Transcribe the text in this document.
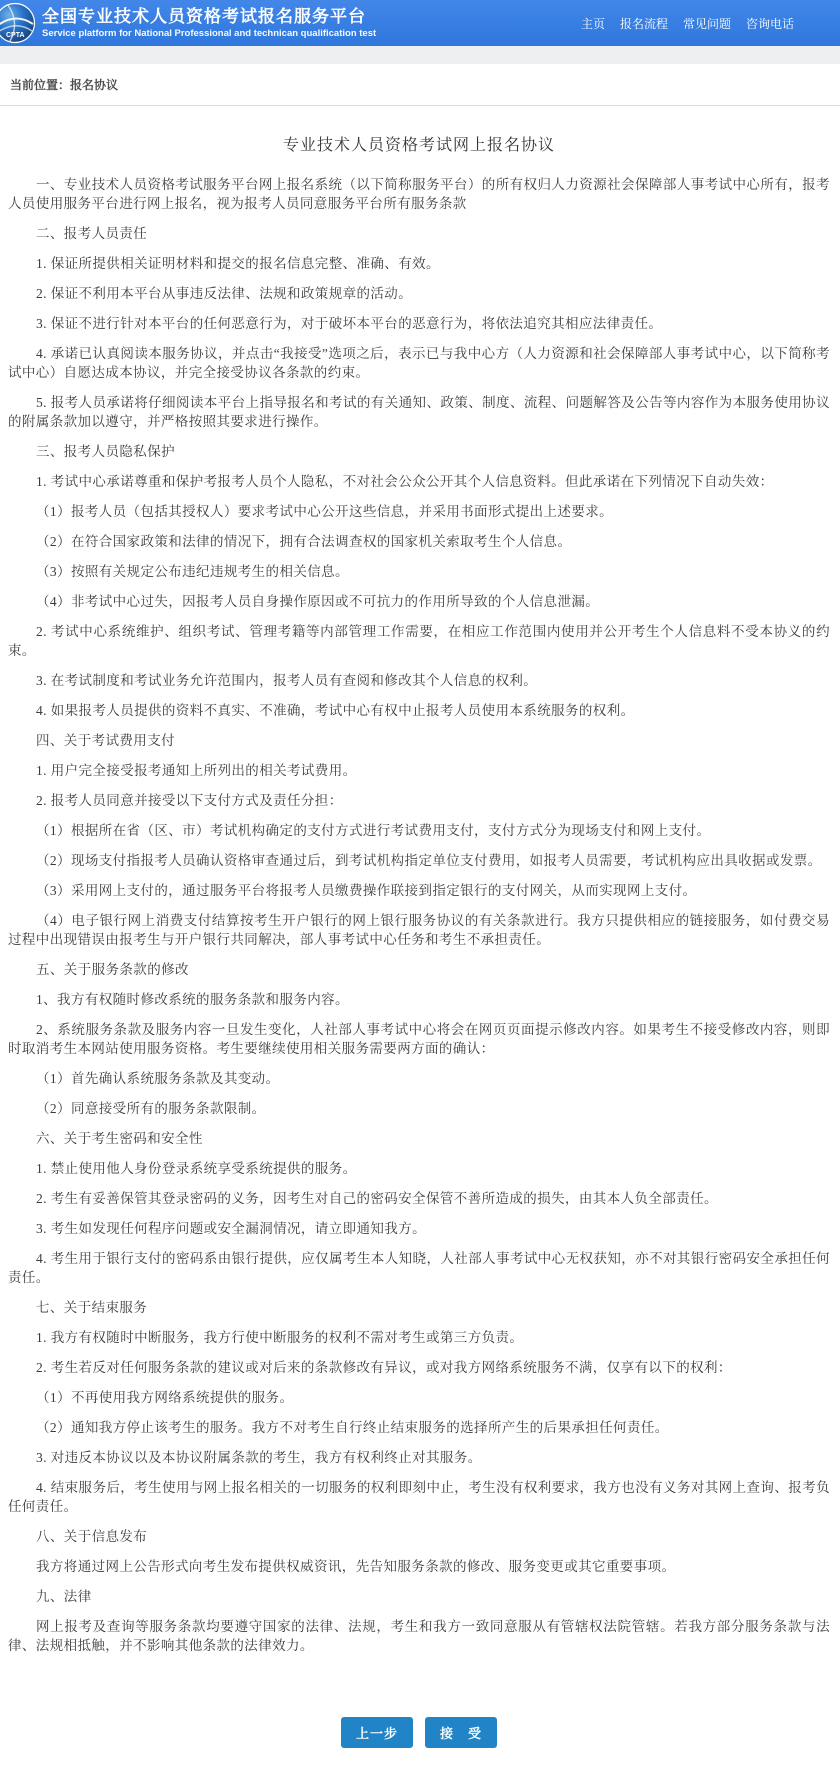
CPTA
全国专业技术人员资格考试报名服务平台
Service platform for National Professional and technican qualification test
主页 报名流程 常见问题 咨询电话
当前位置：报名协议
专业技术人员资格考试网上报名协议

一、专业技术人员资格考试服务平台网上报名系统（以下简称服务平台）的所有权归人力资源社会保障部人事考试中心所有，报考人员使用服务平台进行网上报名，视为报考人员同意服务平台所有服务条款

二、报考人员责任

1. 保证所提供相关证明材料和提交的报名信息完整、准确、有效。

2. 保证不利用本平台从事违反法律、法规和政策规章的活动。

3. 保证不进行针对本平台的任何恶意行为，对于破坏本平台的恶意行为，将依法追究其相应法律责任。

4. 承诺已认真阅读本服务协议，并点击“我接受”选项之后，表示已与我中心方（人力资源和社会保障部人事考试中心，以下简称考试中心）自愿达成本协议，并完全接受协议各条款的约束。

5. 报考人员承诺将仔细阅读本平台上指导报名和考试的有关通知、政策、制度、流程、问题解答及公告等内容作为本服务使用协议的附属条款加以遵守，并严格按照其要求进行操作。

三、报考人员隐私保护

1. 考试中心承诺尊重和保护考报考人员个人隐私，不对社会公众公开其个人信息资料。但此承诺在下列情况下自动失效：

（1）报考人员（包括其授权人）要求考试中心公开这些信息，并采用书面形式提出上述要求。

（2）在符合国家政策和法律的情况下，拥有合法调查权的国家机关索取考生个人信息。

（3）按照有关规定公布违纪违规考生的相关信息。

（4）非考试中心过失，因报考人员自身操作原因或不可抗力的作用所导致的个人信息泄漏。

2. 考试中心系统维护、组织考试、管理考籍等内部管理工作需要，在相应工作范围内使用并公开考生个人信息料不受本协义的约束。

3. 在考试制度和考试业务允许范围内，报考人员有查阅和修改其个人信息的权利。

4. 如果报考人员提供的资料不真实、不准确，考试中心有权中止报考人员使用本系统服务的权利。

四、关于考试费用支付

1. 用户完全接受报考通知上所列出的相关考试费用。

2. 报考人员同意并接受以下支付方式及责任分担：

（1）根据所在省（区、市）考试机构确定的支付方式进行考试费用支付，支付方式分为现场支付和网上支付。

（2）现场支付指报考人员确认资格审查通过后，到考试机构指定单位支付费用，如报考人员需要，考试机构应出具收据或发票。

（3）采用网上支付的，通过服务平台将报考人员缴费操作联接到指定银行的支付网关，从而实现网上支付。

（4）电子银行网上消费支付结算按考生开户银行的网上银行服务协议的有关条款进行。我方只提供相应的链接服务，如付费交易过程中出现错误由报考生与开户银行共同解决，部人事考试中心任务和考生不承担责任。

五、关于服务条款的修改

1、我方有权随时修改系统的服务条款和服务内容。

2、系统服务条款及服务内容一旦发生变化，人社部人事考试中心将会在网页页面提示修改内容。如果考生不接受修改内容，则即时取消考生本网站使用服务资格。考生要继续使用相关服务需要两方面的确认：

（1）首先确认系统服务条款及其变动。

（2）同意接受所有的服务条款限制。

六、关于考生密码和安全性

1. 禁止使用他人身份登录系统享受系统提供的服务。

2. 考生有妥善保管其登录密码的义务，因考生对自己的密码安全保管不善所造成的损失，由其本人负全部责任。

3. 考生如发现任何程序问题或安全漏洞情况，请立即通知我方。

4. 考生用于银行支付的密码系由银行提供，应仅属考生本人知晓，人社部人事考试中心无权获知，亦不对其银行密码安全承担任何责任。

七、关于结束服务

1. 我方有权随时中断服务，我方行使中断服务的权利不需对考生或第三方负责。

2. 考生若反对任何服务条款的建议或对后来的条款修改有异议，或对我方网络系统服务不满，仅享有以下的权利：

（1）不再使用我方网络系统提供的服务。

（2）通知我方停止该考生的服务。我方不对考生自行终止结束服务的选择所产生的后果承担任何责任。

3. 对违反本协议以及本协议附属条款的考生，我方有权利终止对其服务。

4. 结束服务后，考生使用与网上报名相关的一切服务的权利即刻中止，考生没有权利要求，我方也没有义务对其网上查询、报考负任何责任。

八、关于信息发布

我方将通过网上公告形式向考生发布提供权威资讯，先告知服务条款的修改、服务变更或其它重要事项。

九、法律

网上报考及查询等服务条款均要遵守国家的法律、法规，考生和我方一致同意服从有管辖权法院管辖。若我方部分服务条款与法律、法规相抵触，并不影响其他条款的法律效力。

上一步	接　受
